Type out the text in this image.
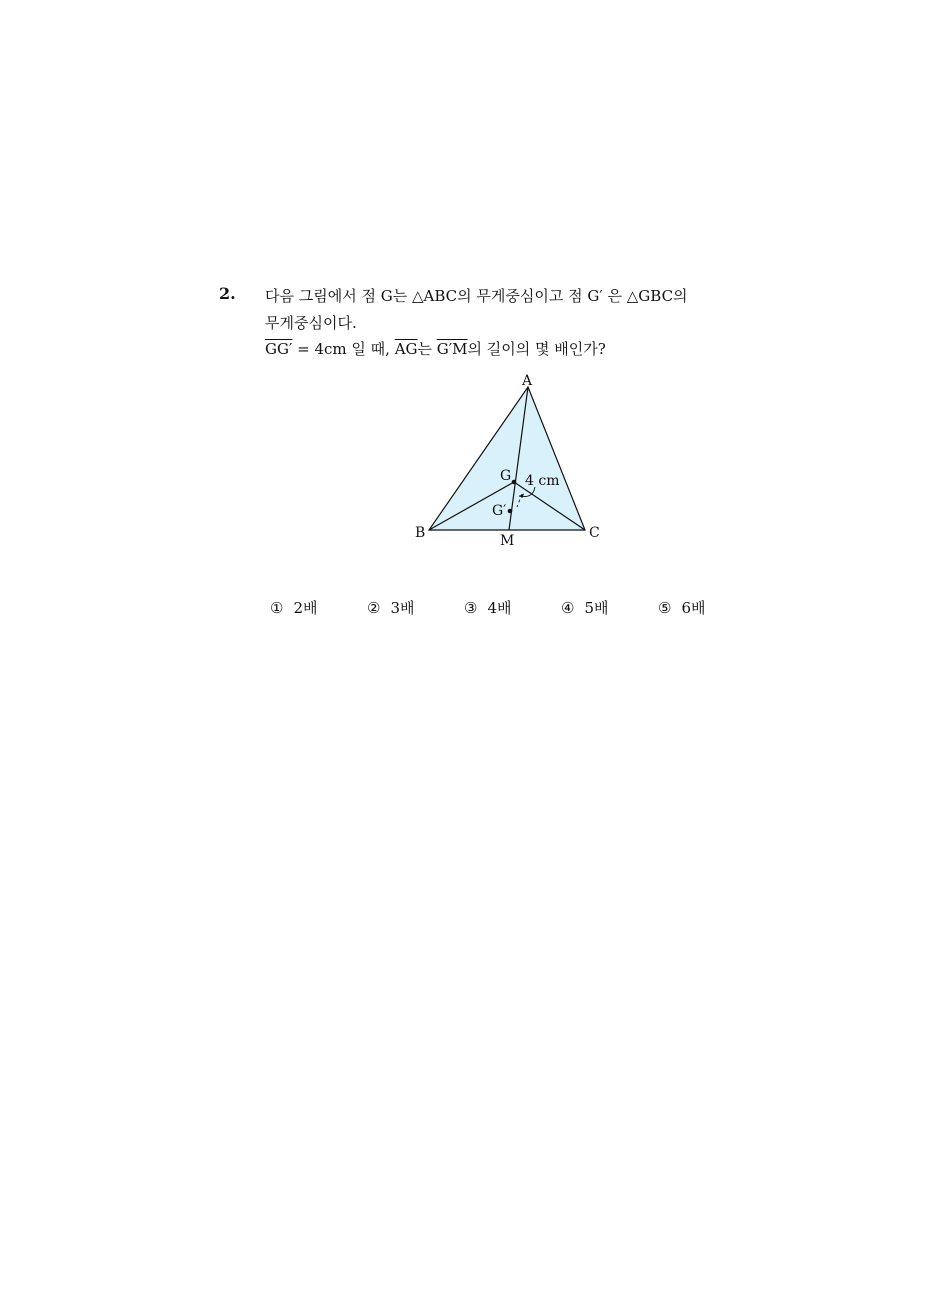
2. 다음 그림에서 점 G는 △ABC의 무게중심이고 점 G′ 은 △GBC의
무게중심이다.
GG′ = 4cm 일 때, $\overline{AG}$는 G′M의 길이의 몇 배인가?
A
B	C
G
G′
M
4 cm
① 2배	② 3배	③ 4배	④ 5배	⑤ 6배
